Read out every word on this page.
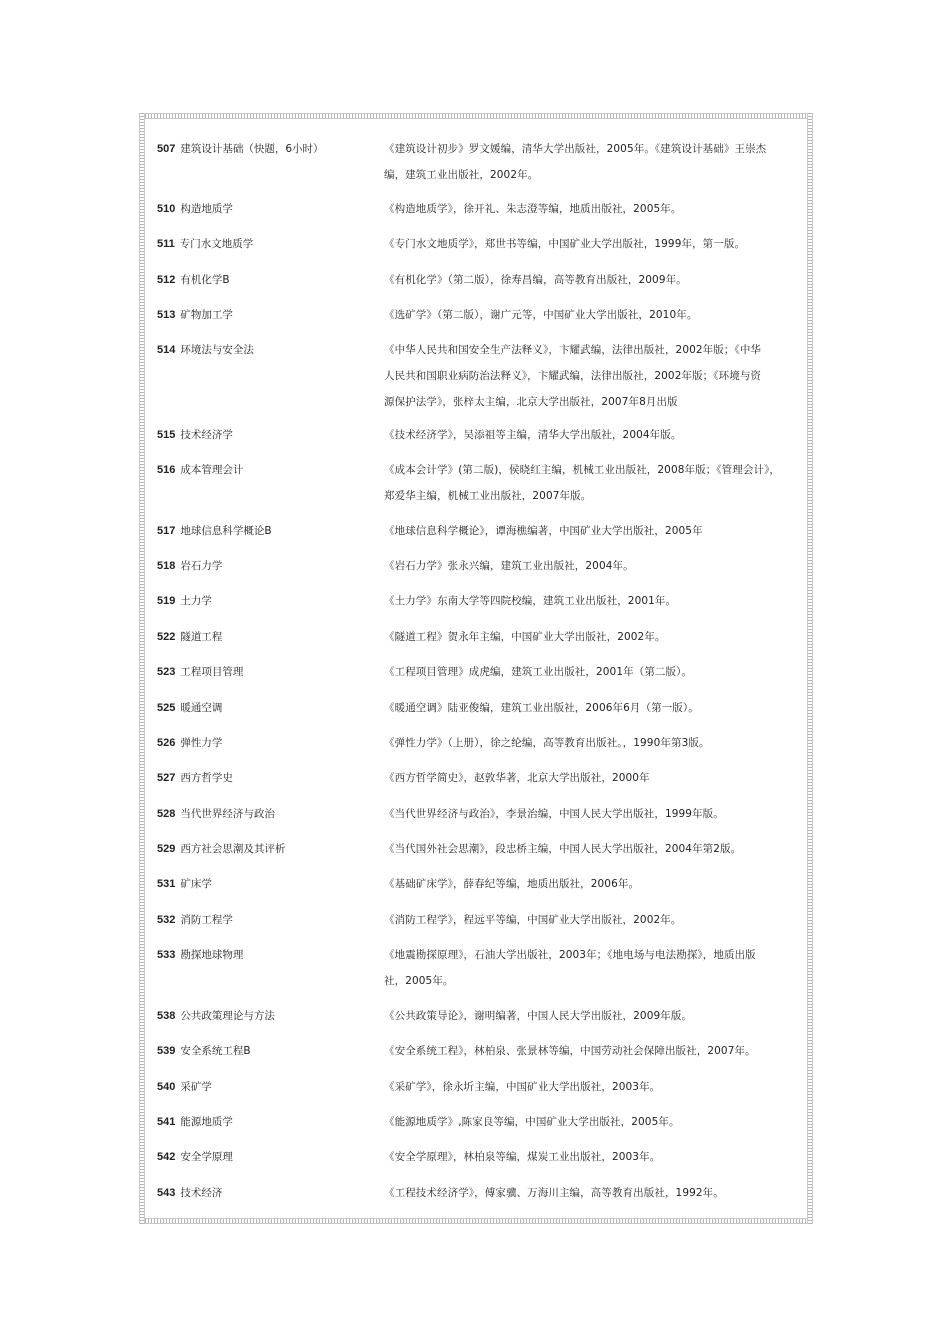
507 建筑设计基础（快题，6小时）	《建筑设计初步》罗文媛编，清华大学出版社，2005年。《建筑设计基础》王崇杰
编，建筑工业出版社，2002年。
510 构造地质学	《构造地质学》，徐开礼、朱志澄等编，地质出版社，2005年。
511 专门水文地质学	《专门水文地质学》，郑世书等编，中国矿业大学出版社，1999年，第一版。
512 有机化学B	《有机化学》（第二版），徐寿昌编，高等教育出版社，2009年。
513 矿物加工学	《选矿学》（第二版），谢广元等，中国矿业大学出版社，2010年。
514 环境法与安全法	《中华人民共和国安全生产法释义》，卞耀武编，法律出版社，2002年版；《中华
人民共和国职业病防治法释义》，卞耀武编，法律出版社，2002年版；《环境与资
源保护法学》，张梓太主编，北京大学出版社，2007年8月出版
515 技术经济学	《技术经济学》，吴添祖等主编，清华大学出版社，2004年版。
516 成本管理会计	《成本会计学》(第二版)，侯晓红主编，机械工业出版社，2008年版；《管理会计》，
郑爱华主编，机械工业出版社，2007年版。
517 地球信息科学概论B	《地球信息科学概论》，谭海樵编著，中国矿业大学出版社，2005年
518 岩石力学	《岩石力学》张永兴编，建筑工业出版社，2004年。
519 土力学	《土力学》东南大学等四院校编，建筑工业出版社，2001年。
522 隧道工程	《隧道工程》贺永年主编，中国矿业大学出版社，2002年。
523 工程项目管理	《工程项目管理》成虎编，建筑工业出版社，2001年（第二版）。
525 暖通空调	《暖通空调》陆亚俊编，建筑工业出版社，2006年6月（第一版）。
526 弹性力学	《弹性力学》（上册），徐之纶编，高等教育出版社。，1990年第3版。
527 西方哲学史	《西方哲学简史》，赵敦华著，北京大学出版社，2000年
528 当代世界经济与政治	《当代世界经济与政治》，李景治编，中国人民大学出版社，1999年版。
529 西方社会思潮及其评析	《当代国外社会思潮》，段忠桥主编，中国人民大学出版社，2004年第2版。
531 矿床学	《基础矿床学》，薛春纪等编，地质出版社，2006年。
532 消防工程学	《消防工程学》，程远平等编，中国矿业大学出版社，2002年。
533 勘探地球物理	《地震勘探原理》，石油大学出版社，2003年；《地电场与电法勘探》，地质出版
社，2005年。
538 公共政策理论与方法	《公共政策导论》，谢明编著，中国人民大学出版社，2009年版。
539 安全系统工程B	《安全系统工程》，林柏泉、张景林等编，中国劳动社会保障出版社，2007年。
540 采矿学	《采矿学》，徐永圻主编，中国矿业大学出版社，2003年。
541 能源地质学	《能源地质学》,陈家良等编，中国矿业大学出版社，2005年。
542 安全学原理	《安全学原理》，林柏泉等编，煤炭工业出版社，2003年。
543 技术经济	《工程技术经济学》，傅家骥、万海川主编，高等教育出版社，1992年。
